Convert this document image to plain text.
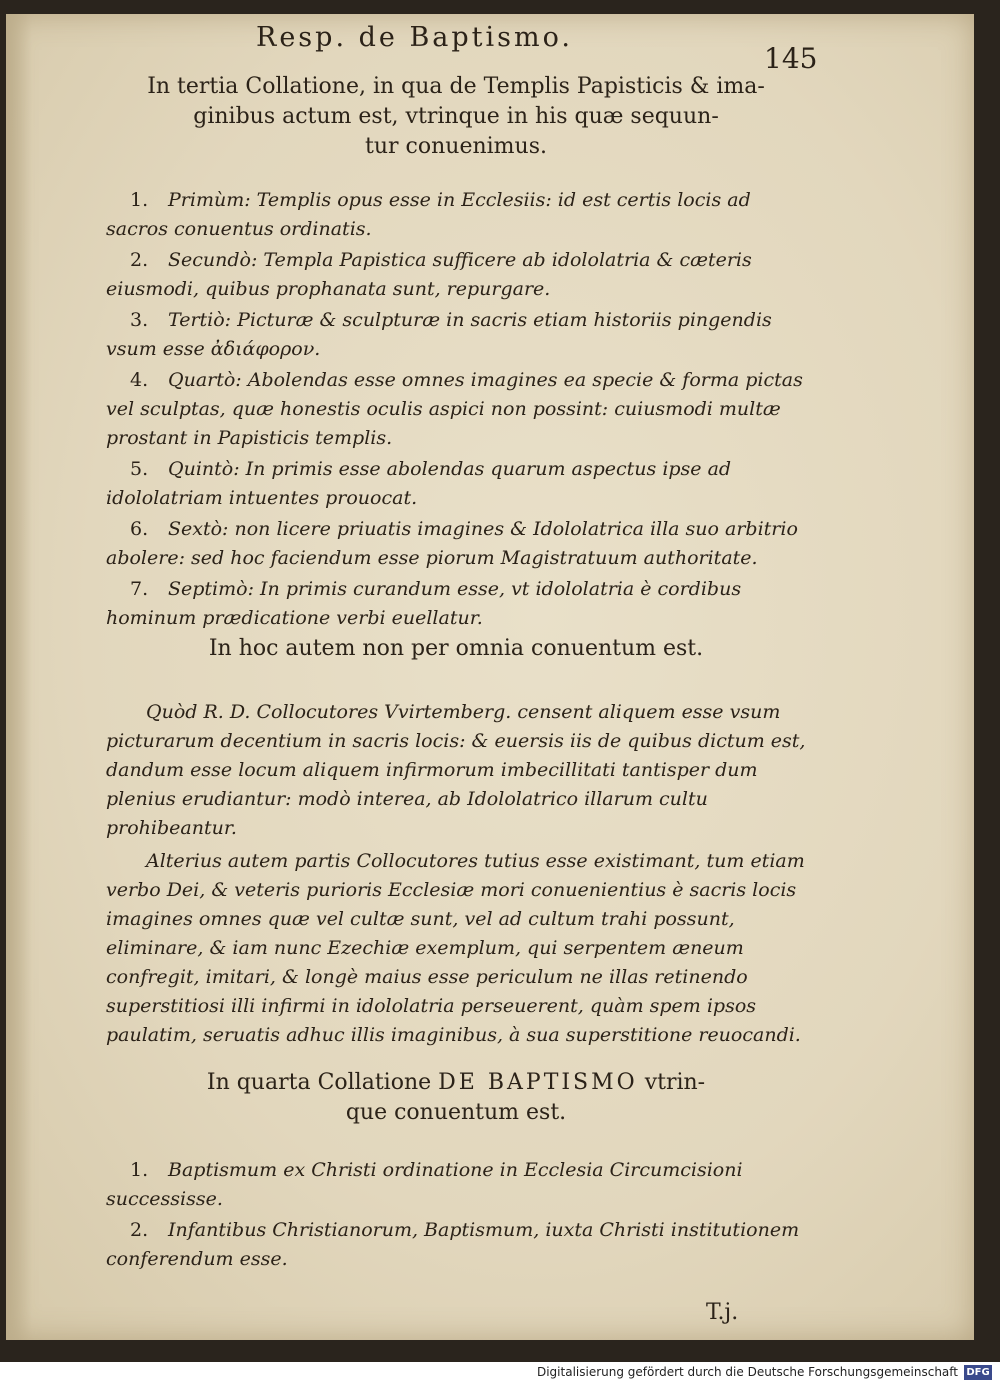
Resp. de Baptismo.
145
In tertia Collatione, in qua de Templis Papisticis & ima-
ginibus actum est, vtrinque in his quæ sequun-
tur conuenimus.

1. Primùm: Templis opus esse in Ecclesiis: id est certis locis ad sacros conuentus ordinatis.

2. Secundò: Templa Papistica sufficere ab idololatria & cæteris eiusmodi, quibus prophanata sunt, repurgare.

3. Tertiò: Picturæ & sculpturæ in sacris etiam historiis pingendis vsum esse ἀδιάφορον.

4. Quartò: Abolendas esse omnes imagines ea specie & forma pictas vel sculptas, quæ honestis oculis aspici non possint: cuiusmodi multæ prostant in Papisticis templis.

5. Quintò: In primis esse abolendas quarum aspectus ipse ad idololatriam intuentes prouocat.

6. Sextò: non licere priuatis imagines & Idololatrica illa suo arbitrio abolere: sed hoc faciendum esse piorum Magistratuum authoritate.

7. Septimò: In primis curandum esse, vt idololatria è cordibus hominum prædicatione verbi euellatur.

In hoc autem non per omnia conuentum est.

Quòd R. D. Collocutores Vvirtemberg. censent aliquem esse vsum picturarum decentium in sacris locis: & euersis iis de quibus dictum est, dandum esse locum aliquem infirmorum imbecillitati tantisper dum plenius erudiantur: modò interea, ab Idololatrico illarum cultu prohibeantur.

Alterius autem partis Collocutores tutius esse existimant, tum etiam verbo Dei, & veteris purioris Ecclesiæ mori conuenientius è sacris locis imagines omnes quæ vel cultæ sunt, vel ad cultum trahi possunt, eliminare, & iam nunc Ezechiæ exemplum, qui serpentem æneum confregit, imitari, & longè maius esse periculum ne illas retinendo superstitiosi illi infirmi in idololatria perseuerent, quàm spem ipsos paulatim, seruatis adhuc illis imaginibus, à sua superstitione reuocandi.

In quarta Collatione DE BAPTISMO vtrin-
que conuentum est.

1. Baptismum ex Christi ordinatione in Ecclesia Circumcisioni successisse.

2. Infantibus Christianorum, Baptismum, iuxta Christi institutionem conferendum esse.

T.j.
Digitalisierung gefördert durch die Deutsche Forschungsgemeinschaft DFG
